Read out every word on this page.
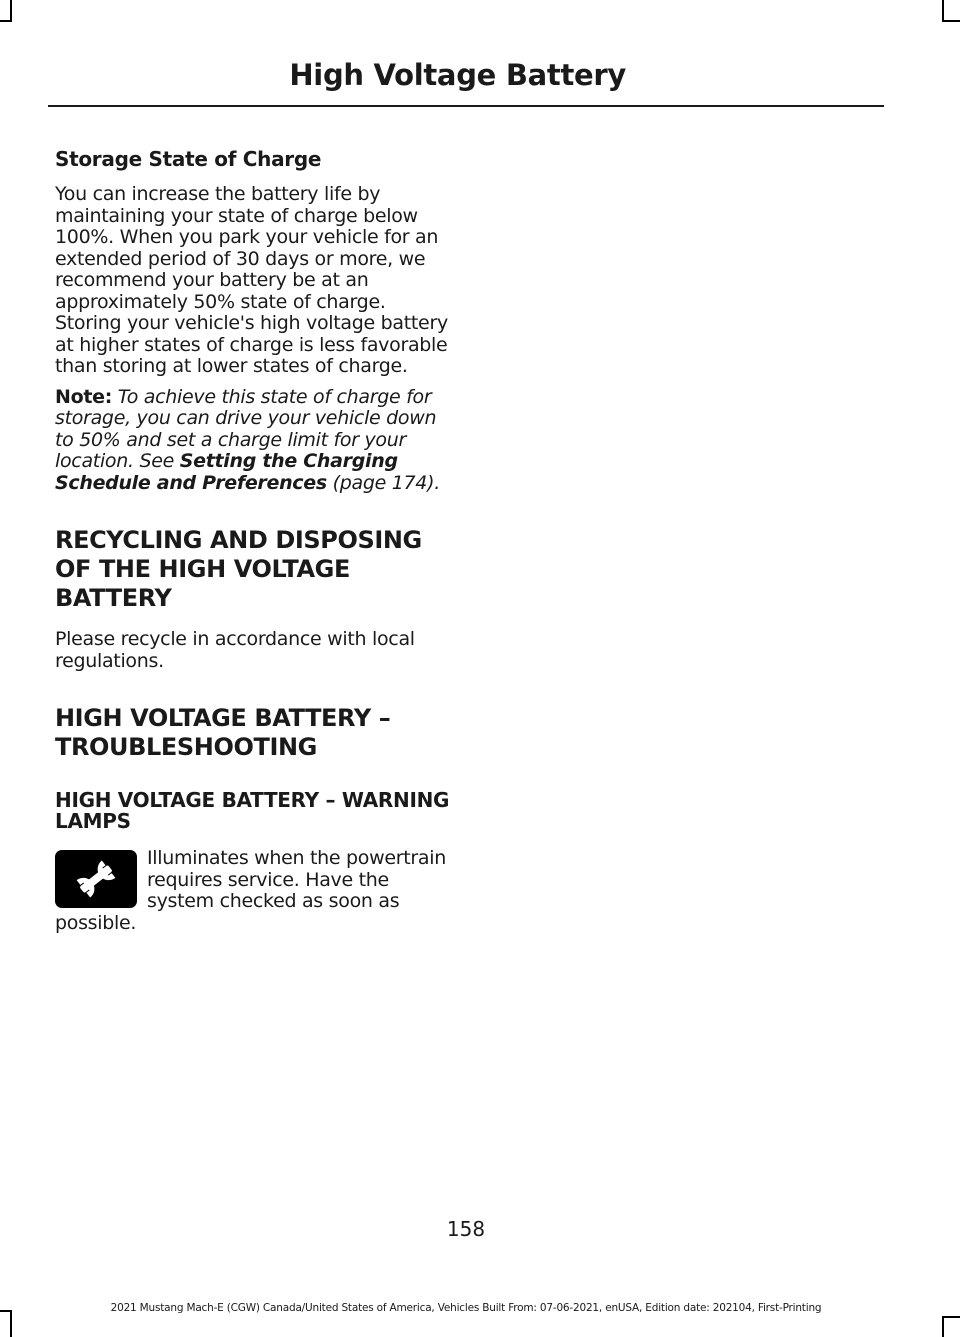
High Voltage Battery
Storage State of Charge

You can increase the battery life by maintaining your state of charge below 100%. When you park your vehicle for an extended period of 30 days or more, we recommend your battery be at an approximately 50% state of charge. Storing your vehicle's high voltage battery at higher states of charge is less favorable than storing at lower states of charge.

Note: To achieve this state of charge for storage, you can drive your vehicle down to 50% and set a charge limit for your location. See Setting the Charging Schedule and Preferences (page 174).

RECYCLING AND DISPOSING OF THE HIGH VOLTAGE BATTERY

Please recycle in accordance with local regulations.

HIGH VOLTAGE BATTERY – TROUBLESHOOTING
HIGH VOLTAGE BATTERY – WARNING LAMPS

Illuminates when the powertrain requires service. Have the system checked as soon as possible.

158
2021 Mustang Mach-E (CGW) Canada/United States of America, Vehicles Built From: 07-06-2021, enUSA, Edition date: 202104, First-Printing
